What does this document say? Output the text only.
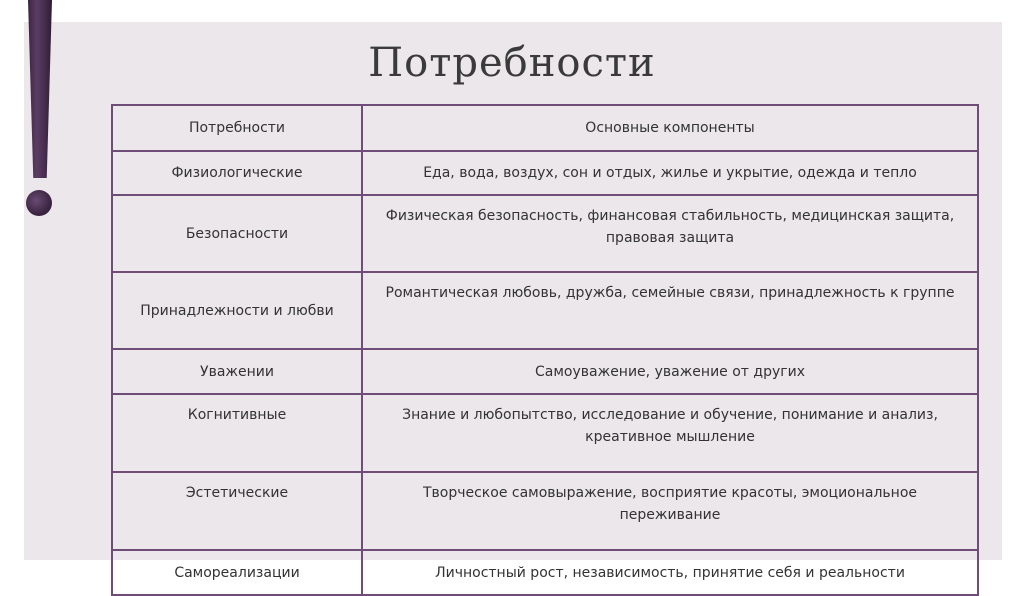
Потребности
Потребности	Основные компоненты
Физиологические	Еда, вода, воздух, сон и отдых, жилье и укрытие, одежда и тепло
Безопасности	Физическая безопасность, финансовая стабильность, медицинская защита, правовая защита
Принадлежности и любви	Романтическая любовь, дружба, семейные связи, принадлежность к группе
Уважении	Самоуважение, уважение от других
Когнитивные	Знание и любопытство, исследование и обучение, понимание и анализ, креативное мышление
Эстетические	Творческое самовыражение, восприятие красоты, эмоциональное переживание
Самореализации	Личностный рост, независимость, принятие себя и реальности
